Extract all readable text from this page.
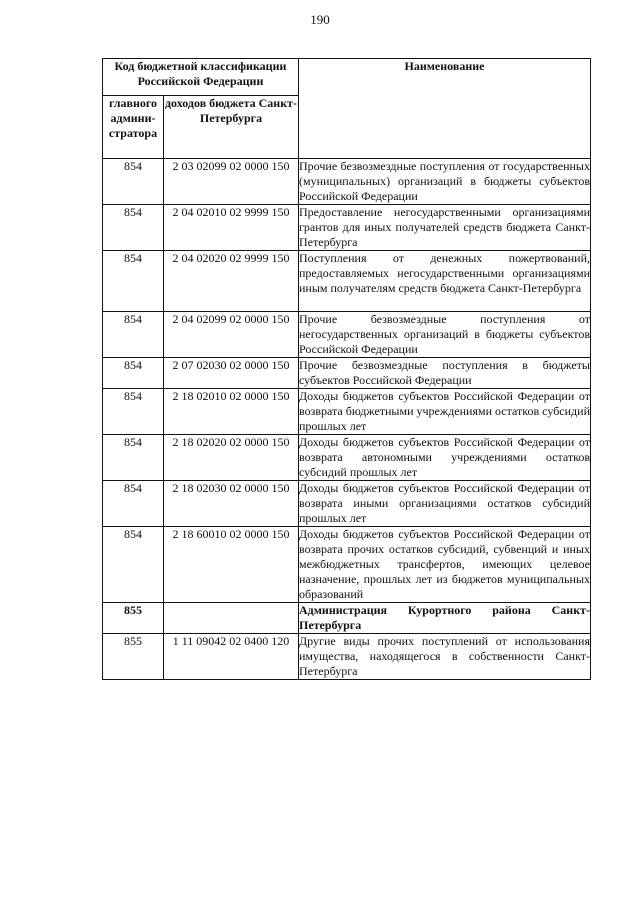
190
Код бюджетной классификации Российской Федерации		Наименование
главного админи-стратора	доходов бюджета Санкт-Петербурга	
854	2 03 02099 02 0000 150	Прочие безвозмездные поступления от государственных (муниципальных) организаций в бюджеты субъектов Российской Федерации
854	2 04 02010 02 9999 150	Предоставление негосударственными организациями грантов для иных получателей средств бюджета Санкт-Петербурга
854	2 04 02020 02 9999 150	Поступления от денежных пожертвований, предоставляемых негосударственными организациями иным получателям средств бюджета Санкт-Петербурга
854	2 04 02099 02 0000 150	Прочие безвозмездные поступления от негосударственных организаций в бюджеты субъектов Российской Федерации
854	2 07 02030 02 0000 150	Прочие безвозмездные поступления в бюджеты субъектов Российской Федерации
854	2 18 02010 02 0000 150	Доходы бюджетов субъектов Российской Федерации от возврата бюджетными учреждениями остатков субсидий прошлых лет
854	2 18 02020 02 0000 150	Доходы бюджетов субъектов Российской Федерации от возврата автономными учреждениями остатков субсидий прошлых лет
854	2 18 02030 02 0000 150	Доходы бюджетов субъектов Российской Федерации от возврата иными организациями остатков субсидий прошлых лет
854	2 18 60010 02 0000 150	Доходы бюджетов субъектов Российской Федерации от возврата прочих остатков субсидий, субвенций и иных межбюджетных трансфертов, имеющих целевое назначение, прошлых лет из бюджетов муниципальных образований
855		Администрация Курортного района Санкт-Петербурга
855	1 11 09042 02 0400 120	Другие виды прочих поступлений от использования имущества, находящегося в собственности Санкт-Петербурга
